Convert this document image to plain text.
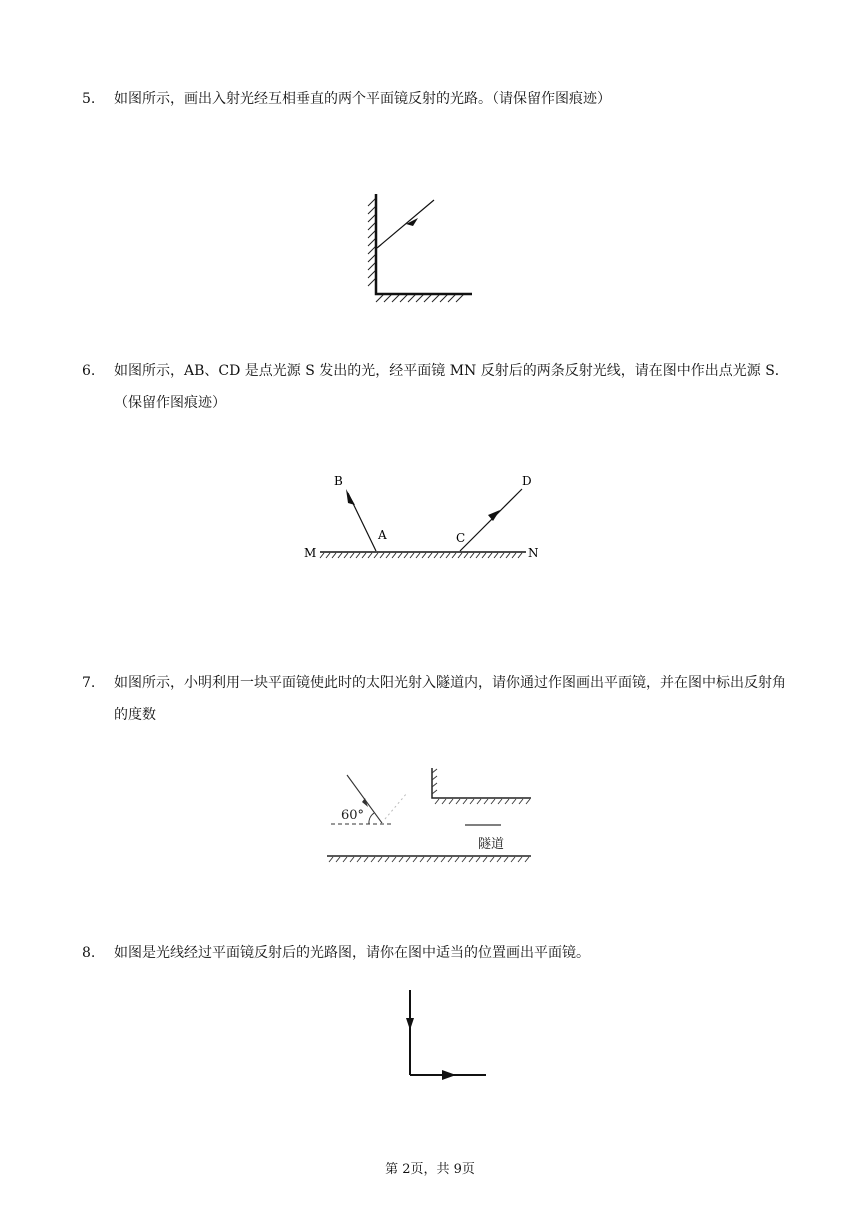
5. 如图所示，画出入射光经互相垂直的两个平面镜反射的光路。（请保留作图痕迹）
6. 如图所示，AB、CD 是点光源 S 发出的光，经平面镜 MN 反射后的两条反射光线，请在图中作出点光源 S．（保留作图痕迹）
B
A	C
D
M	N
7. 如图所示，小明利用一块平面镜使此时的太阳光射入隧道内，请你通过作图画出平面镜，并在图中标出反射角的度数
60°
隧道
8. 如图是光线经过平面镜反射后的光路图，请你在图中适当的位置画出平面镜。
第 2页，共 9页
